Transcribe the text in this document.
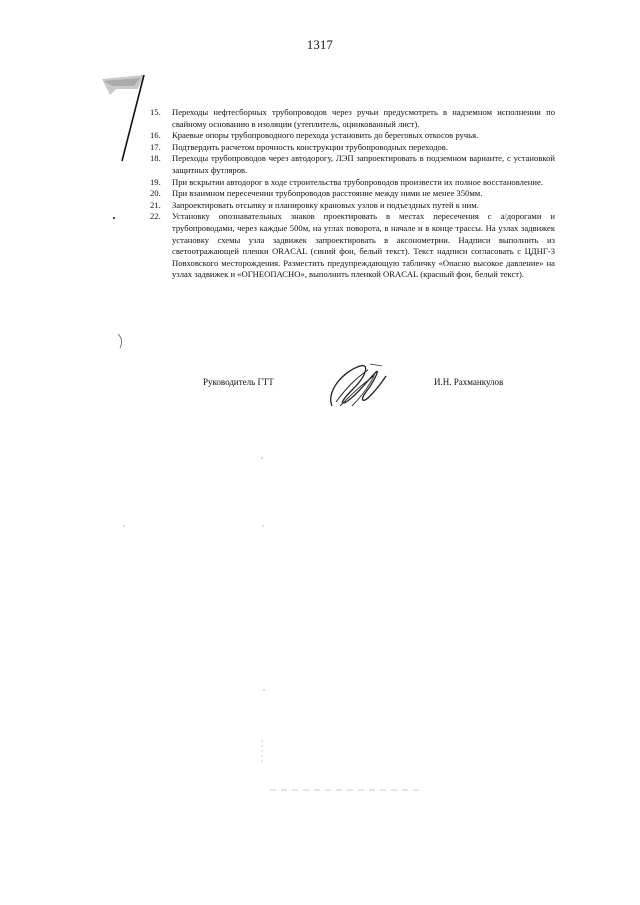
1317
15.	Переходы нефтесборных трубопроводов через ручьи предусмотреть в надземном исполнении по свайному основанию в изоляции (утеплитель, оцинкованный лист).
16.	Краевые опоры трубопроводного перехода установить до береговых откосов ручья.
17.	Подтвердить расчетом прочность конструкции трубопроводных переходов.
18.	Переходы трубопроводов через автодорогу, ЛЭП запроектировать в подземном варианте, с установкой защитных футляров.
19.	При вскрытии автодорог в ходе строительства трубопроводов произвести их полное восстановление.
20.	При взаимном пересечении трубопроводов расстояние между ними не менее 350мм.
21.	Запроектировать отсыпку и планировку крановых узлов и подъездных путей к ним.
22.	Установку опознавательных знаков проектировать в местах пересечения с а/дорогами и трубопроводами, через каждые 500м, на углах поворота, в начале и в конце трассы. На узлах задвижек установку схемы узла задвижек запроектировать в аксонометрии. Надписи выполнить из светоотражающей пленки ORACAL (синий фон, белый текст). Текст надписи согласовать с ЦДНГ-3 Повховского месторождения. Разместить предупреждающую табличку «Опасно высокое давление» на узлах задвижек и «ОГНЕОПАСНО», выполнить пленкой ORACAL (красный фон, белый текст).
Руководитель ГТТ	И.Н. Рахманкулов
